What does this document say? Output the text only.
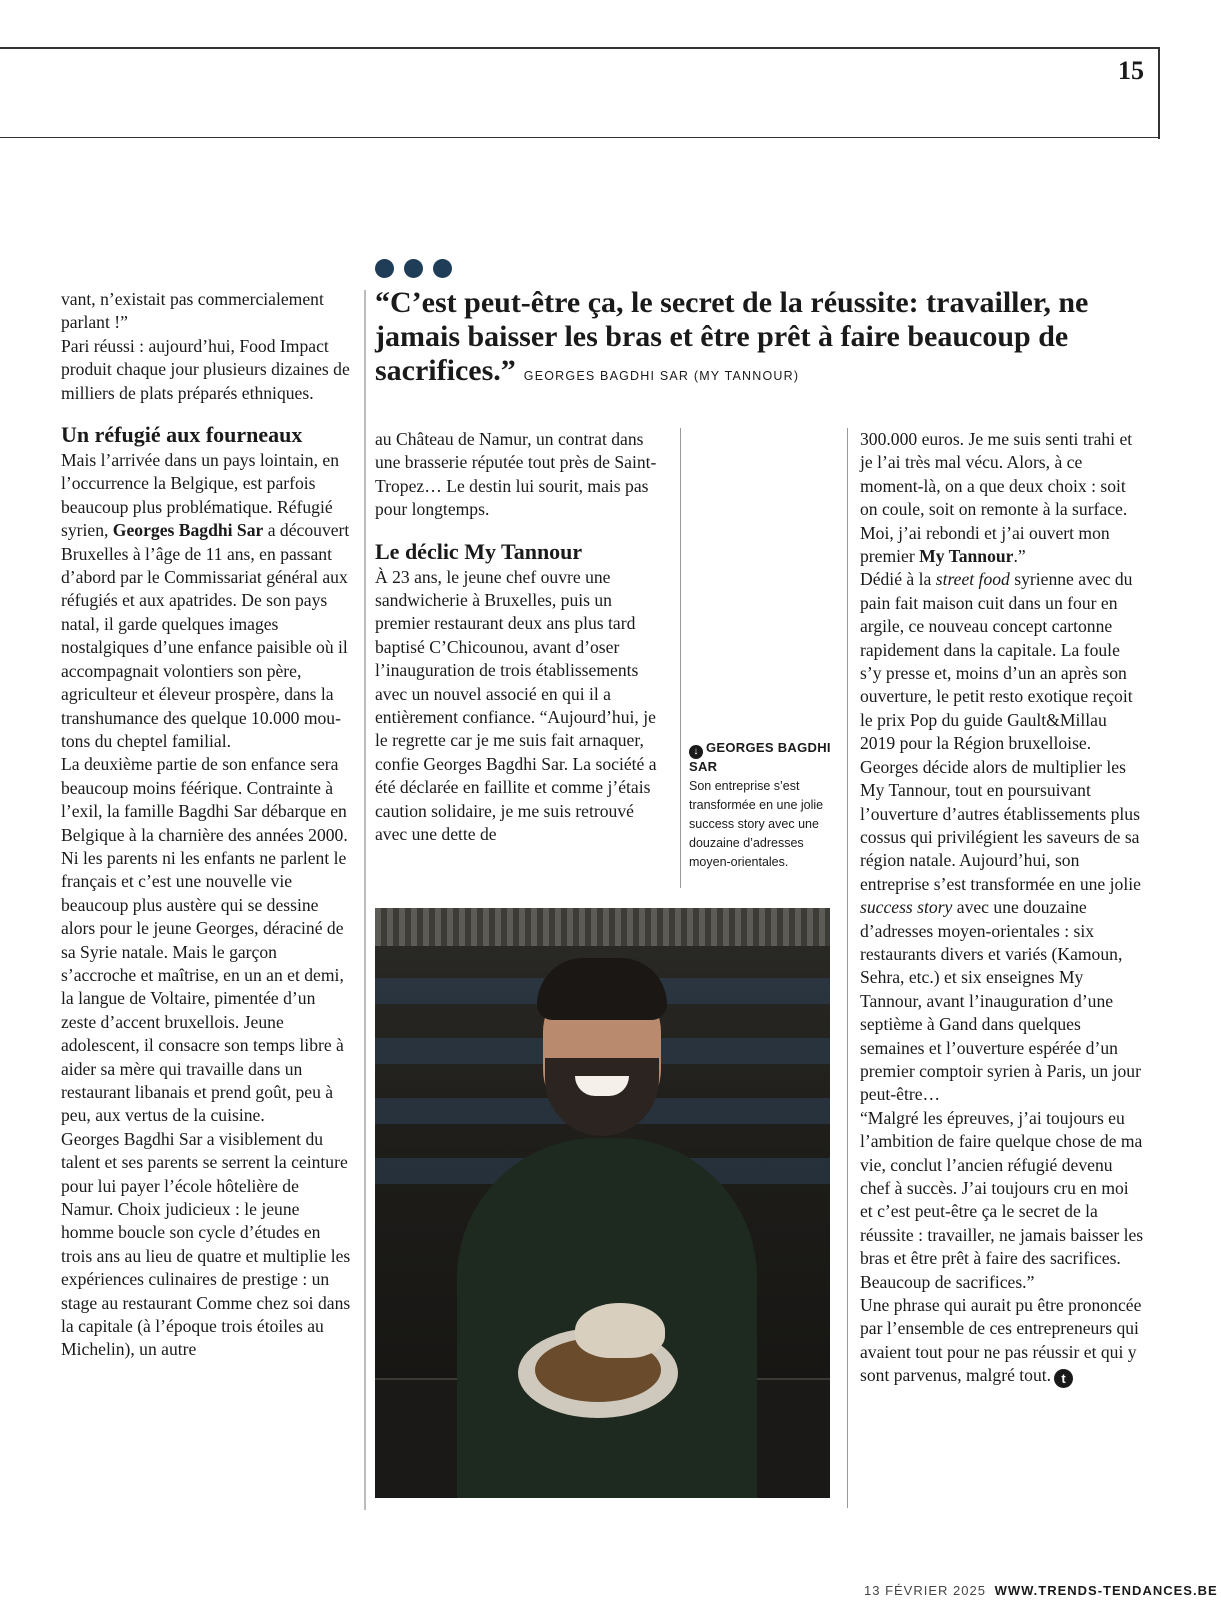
15

“C’est peut-être ça, le secret de la réussite: travailler, ne jamais baisser les bras et être prêt à faire beaucoup de sacrifices.” GEORGES BAGDHI SAR (MY TANNOUR)

vant, n’existait pas commercialement parlant !”

Pari réussi : aujourd’hui, Food Impact produit chaque jour plusieurs dizaines de milliers de plats préparés ethniques.

Un réfugié aux fourneaux

Mais l’arrivée dans un pays lointain, en l’occurrence la Belgique, est parfois beaucoup plus problématique. Réfugié syrien, Georges Bagdhi Sar a découvert Bruxelles à l’âge de 11 ans, en passant d’abord par le Commissariat général aux réfugiés et aux apatrides. De son pays natal, il garde quelques images nostalgiques d’une enfance paisible où il accompagnait volontiers son père, agriculteur et éleveur prospère, dans la transhumance des quelque 10.000 moutons du cheptel familial.

La deuxième partie de son enfance sera beaucoup moins féérique. Contrainte à l’exil, la famille Bagdhi Sar débarque en Belgique à la charnière des années 2000. Ni les parents ni les enfants ne parlent le français et c’est une nouvelle vie beaucoup plus austère qui se dessine alors pour le jeune Georges, déraciné de sa Syrie natale. Mais le garçon s’accroche et maîtrise, en un an et demi, la langue de Voltaire, pimentée d’un zeste d’accent bruxellois. Jeune adolescent, il consacre son temps libre à aider sa mère qui travaille dans un restaurant libanais et prend goût, peu à peu, aux vertus de la cuisine.

Georges Bagdhi Sar a visiblement du talent et ses parents se serrent la ceinture pour lui payer l’école hôtelière de Namur. Choix judicieux : le jeune homme boucle son cycle d’études en trois ans au lieu de quatre et multiplie les expériences culinaires de prestige : un stage au restaurant Comme chez soi dans la capitale (à l’époque trois étoiles au Michelin), un autre

au Château de Namur, un contrat dans une brasserie réputée tout près de Saint-Tropez… Le destin lui sourit, mais pas pour longtemps.

Le déclic My Tannour

À 23 ans, le jeune chef ouvre une sandwicherie à Bruxelles, puis un premier restaurant deux ans plus tard baptisé C’Chicounou, avant d’oser l’inauguration de trois établissements avec un nouvel associé en qui il a entièrement confiance. “Aujourd’hui, je le regrette car je me suis fait arnaquer, confie Georges Bagdhi Sar. La société a été déclarée en faillite et comme j’étais caution solidaire, je me suis retrouvé avec une dette de

↓ GEORGES BAGDHI SAR
Son entreprise s’est transformée en une jolie success story avec une douzaine d’adresses moyen-orientales.

300.000 euros. Je me suis senti trahi et je l’ai très mal vécu. Alors, à ce moment-là, on a que deux choix : soit on coule, soit on remonte à la surface. Moi, j’ai rebondi et j’ai ouvert mon premier My Tannour.”

Dédié à la street food syrienne avec du pain fait maison cuit dans un four en argile, ce nouveau concept cartonne rapidement dans la capitale. La foule s’y presse et, moins d’un an après son ouverture, le petit resto exotique reçoit le prix Pop du guide Gault&Millau 2019 pour la Région bruxelloise.

Georges décide alors de multiplier les My Tannour, tout en poursuivant l’ouverture d’autres établissements plus cossus qui privilégient les saveurs de sa région natale. Aujourd’hui, son entreprise s’est transformée en une jolie success story avec une douzaine d’adresses moyen-orientales : six restaurants divers et variés (Kamoun, Sehra, etc.) et six enseignes My Tannour, avant l’inauguration d’une septième à Gand dans quelques semaines et l’ouverture espérée d’un premier comptoir syrien à Paris, un jour peut-être…

“Malgré les épreuves, j’ai toujours eu l’ambition de faire quelque chose de ma vie, conclut l’ancien réfugié devenu chef à succès. J’ai toujours cru en moi et c’est peut-être ça le secret de la réussite : travailler, ne jamais baisser les bras et être prêt à faire des sacrifices. Beaucoup de sacrifices.”

Une phrase qui aurait pu être prononcée par l’ensemble de ces entrepreneurs qui avaient tout pour ne pas réussir et qui y sont parvenus, malgré tout. t

13 FÉVRIER 2025 WWW.TRENDS-TENDANCES.BE
